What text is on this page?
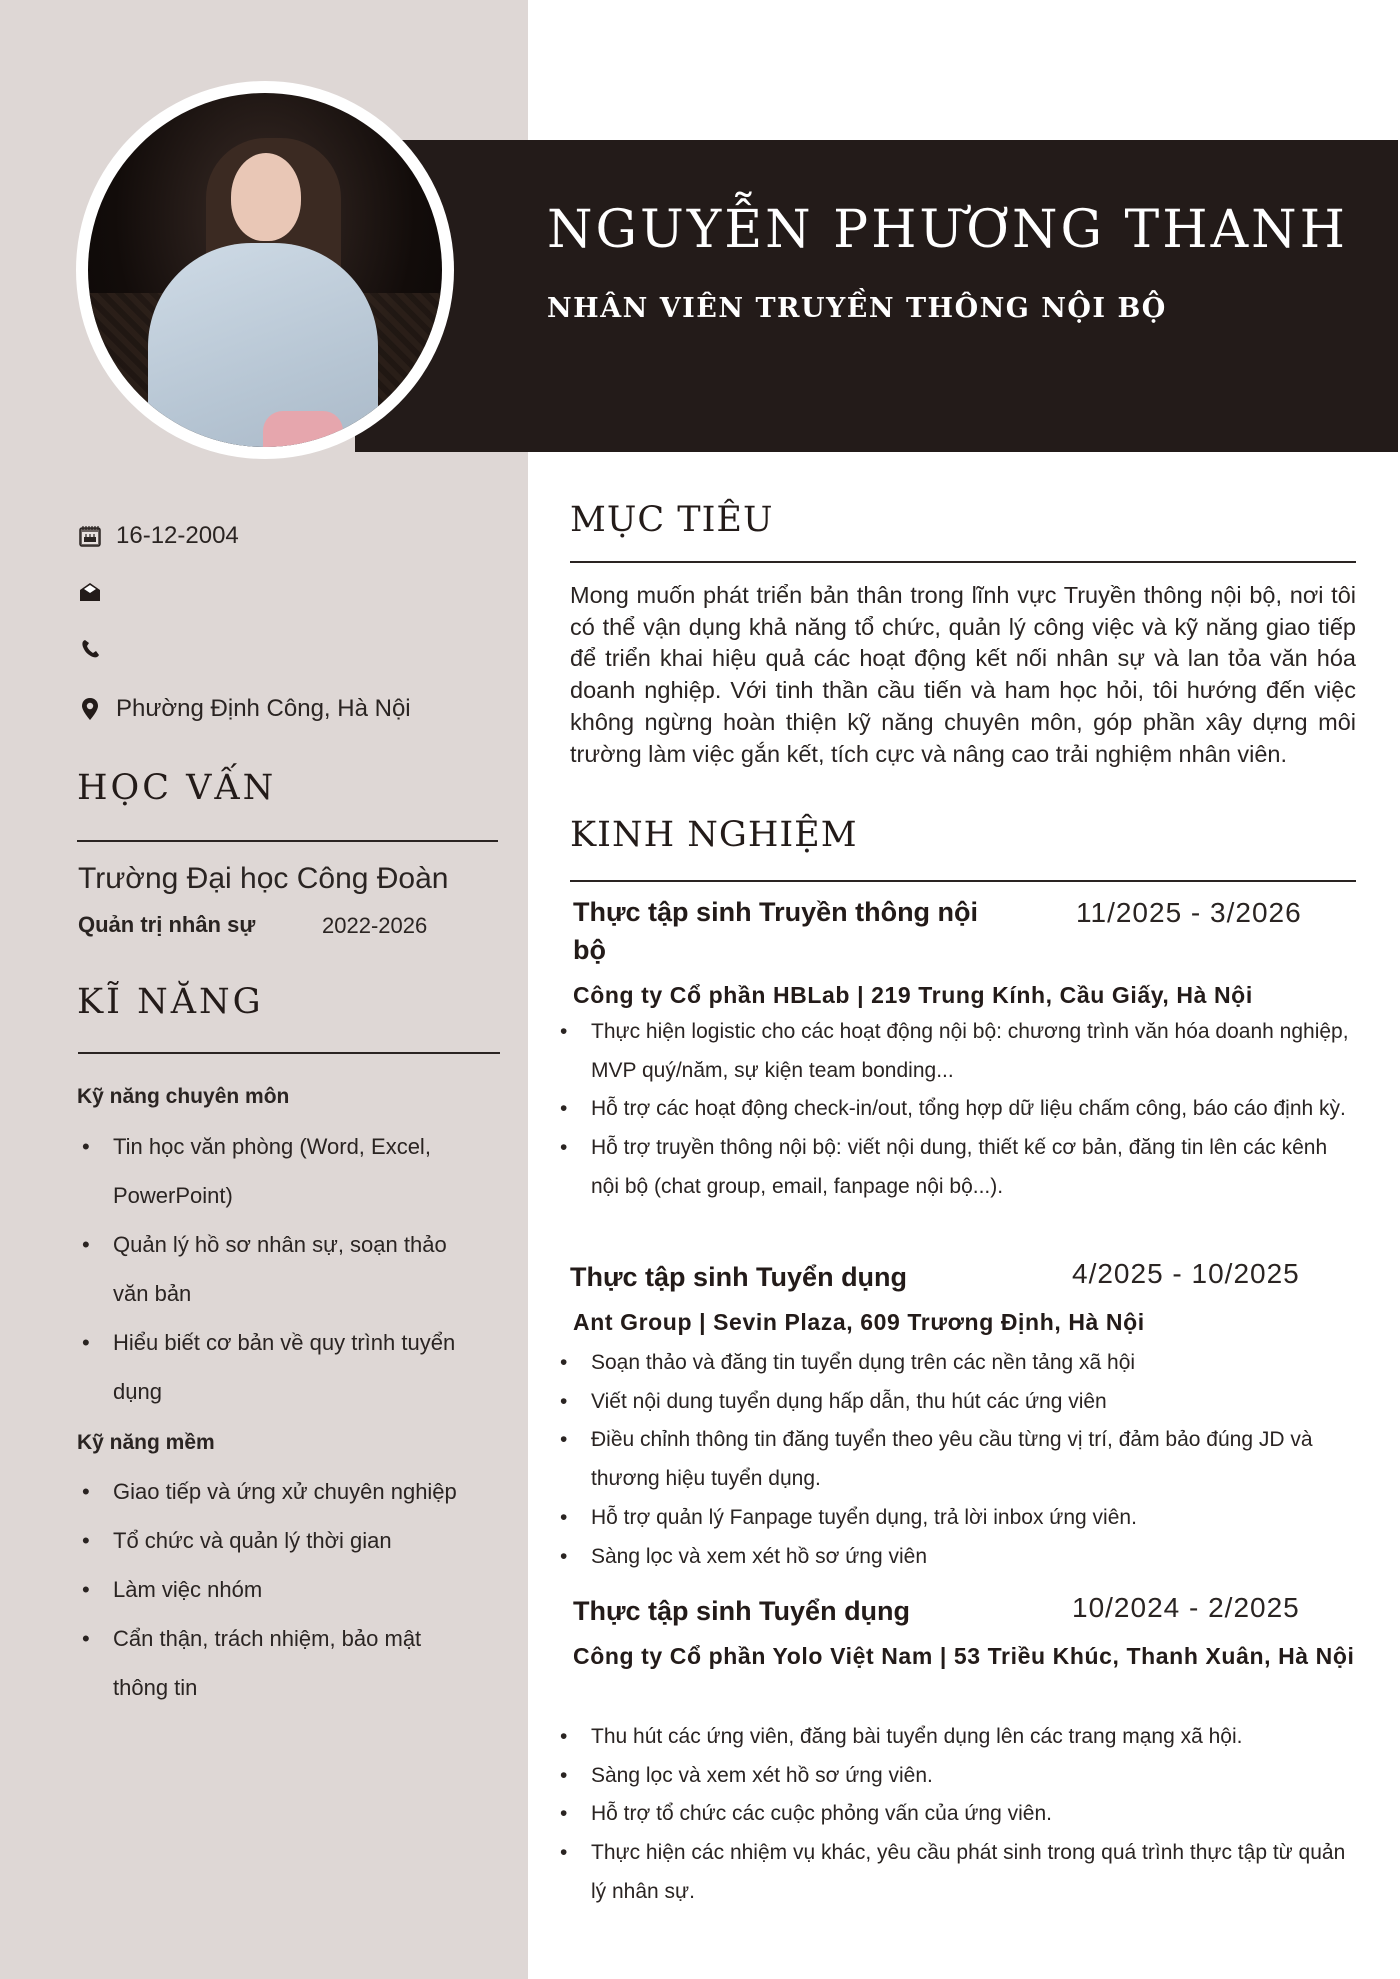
NGUYỄN PHƯƠNG THANH
NHÂN VIÊN TRUYỀN THÔNG NỘI BỘ
16-12-2004
Phường Định Công, Hà Nội
HỌC VẤN
Trường Đại học Công Đoàn
Quản trị nhân sự	2022-2026
KĨ NĂNG
Kỹ năng chuyên môn
• Tin học văn phòng (Word, Excel, PowerPoint)
• Quản lý hồ sơ nhân sự, soạn thảo văn bản
• Hiểu biết cơ bản về quy trình tuyển dụng
Kỹ năng mềm
• Giao tiếp và ứng xử chuyên nghiệp
• Tổ chức và quản lý thời gian
• Làm việc nhóm
• Cẩn thận, trách nhiệm, bảo mật thông tin
MỤC TIÊU

Mong muốn phát triển bản thân trong lĩnh vực Truyền thông nội bộ, nơi tôi có thể vận dụng khả năng tổ chức, quản lý công việc và kỹ năng giao tiếp để triển khai hiệu quả các hoạt động kết nối nhân sự và lan tỏa văn hóa doanh nghiệp. Với tinh thần cầu tiến và ham học hỏi, tôi hướng đến việc không ngừng hoàn thiện kỹ năng chuyên môn, góp phần xây dựng môi trường làm việc gắn kết, tích cực và nâng cao trải nghiệm nhân viên.

KINH NGHIỆM
Thực tập sinh Truyền thông nội bộ
11/2025 - 3/2026
Công ty Cổ phần HBLab | 219 Trung Kính, Cầu Giấy, Hà Nội
• Thực hiện logistic cho các hoạt động nội bộ: chương trình văn hóa doanh nghiệp, MVP quý/năm, sự kiện team bonding...
• Hỗ trợ các hoạt động check-in/out, tổng hợp dữ liệu chấm công, báo cáo định kỳ.
• Hỗ trợ truyền thông nội bộ: viết nội dung, thiết kế cơ bản, đăng tin lên các kênh nội bộ (chat group, email, fanpage nội bộ...).
Thực tập sinh Tuyển dụng	4/2025 - 10/2025
Ant Group | Sevin Plaza, 609 Trương Định, Hà Nội
• Soạn thảo và đăng tin tuyển dụng trên các nền tảng xã hội
• Viết nội dung tuyển dụng hấp dẫn, thu hút các ứng viên
• Điều chỉnh thông tin đăng tuyển theo yêu cầu từng vị trí, đảm bảo đúng JD và thương hiệu tuyển dụng.
• Hỗ trợ quản lý Fanpage tuyển dụng, trả lời inbox ứng viên.
• Sàng lọc và xem xét hồ sơ ứng viên
Thực tập sinh Tuyển dụng	10/2024 - 2/2025
Công ty Cổ phần Yolo Việt Nam | 53 Triều Khúc, Thanh Xuân, Hà Nội
• Thu hút các ứng viên, đăng bài tuyển dụng lên các trang mạng xã hội.
• Sàng lọc và xem xét hồ sơ ứng viên.
• Hỗ trợ tổ chức các cuộc phỏng vấn của ứng viên.
• Thực hiện các nhiệm vụ khác, yêu cầu phát sinh trong quá trình thực tập từ quản lý nhân sự.
